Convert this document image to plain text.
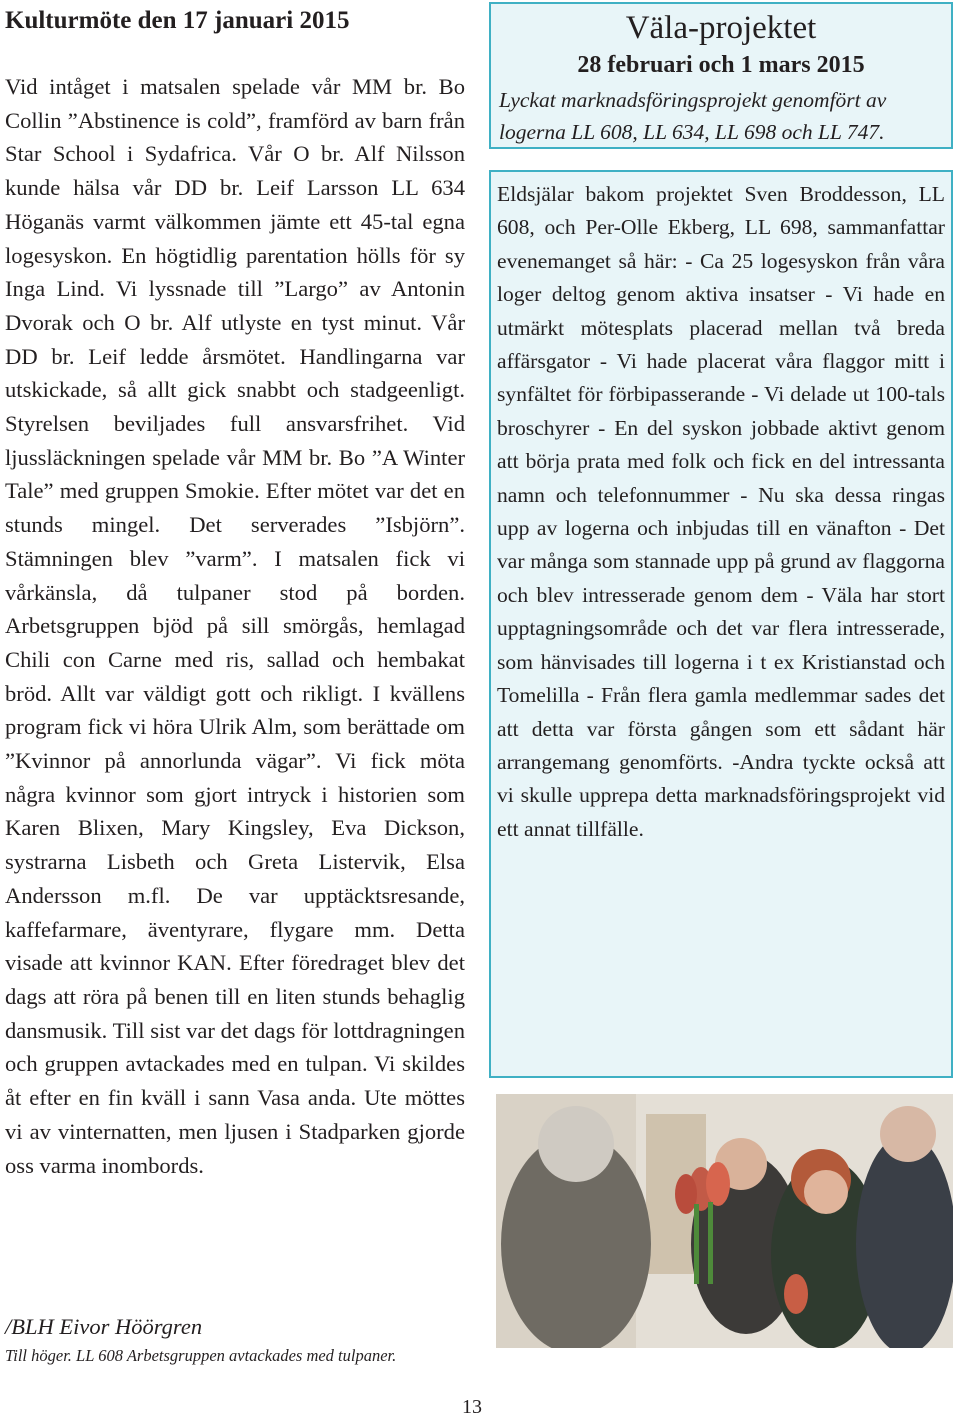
Kulturmöte den 17 januari 2015
Vid intåget i matsalen spelade vår MM br. Bo Collin ”Abstinence is cold”, framförd av barn från Star School i Sydafrica. Vår O br. Alf Nilsson kunde hälsa vår DD br. Leif Larsson LL 634 Höganäs varmt välkommen jämte ett 45-tal egna logesyskon. En högtidlig parentation hölls för sy Inga Lind. Vi lyssnade till ”Largo” av Antonin Dvorak och O br. Alf utlyste en tyst minut. Vår DD br. Leif ledde årsmötet. Handlingarna var utskickade, så allt gick snabbt och stadgeenligt. Styrelsen beviljades full ansvarsfrihet. Vid ljussläckningen spelade vår MM br. Bo ”A Winter Tale” med gruppen Smokie. Efter mötet var det en stunds mingel. Det serverades ”Isbjörn”. Stämningen blev ”varm”. I matsalen fick vi vårkänsla, då tulpaner stod på borden. Arbetsgruppen bjöd på sill smörgås, hemlagad Chili con Carne med ris, sallad och hembakat bröd. Allt var väldigt gott och rikligt. I kvällens program fick vi höra Ulrik Alm, som berättade om ”Kvinnor på annorlunda vägar”. Vi fick möta några kvinnor som gjort intryck i historien som Karen Blixen, Mary Kingsley, Eva Dickson, systrarna Lisbeth och Greta Listervik, Elsa Andersson m.fl. De var upptäcktsresande, kaffefarmare, äventyrare, flygare mm. Detta visade att kvinnor KAN. Efter föredraget blev det dags att röra på benen till en liten stunds behaglig dansmusik. Till sist var det dags för lottdragningen och gruppen avtackades med en tulpan. Vi skildes åt efter en fin kväll i sann Vasa anda. Ute möttes vi av vinternatten, men ljusen i Stadparken gjorde oss varma inombords.
/BLH Eivor Höörgren
Till höger. LL 608 Arbetsgruppen avtackades med tulpaner.
Väla-projektet
28 februari och 1 mars 2015
Lyckat marknadsföringsprojekt genomfört av logerna LL 608, LL 634, LL 698 och LL 747.
Eldsjälar bakom projektet Sven Broddesson, LL 608, och Per-Olle Ekberg, LL 698, sammanfattar evenemanget så här: - Ca 25 logesyskon från våra loger deltog genom aktiva insatser - Vi hade en utmärkt mötesplats placerad mellan två breda affärsgator - Vi hade placerat våra flaggor mitt i synfältet för förbipasserande - Vi delade ut 100-tals broschyrer - En del syskon jobbade aktivt genom att börja prata med folk och fick en del intressanta namn och telefonnummer - Nu ska dessa ringas upp av logerna och inbjudas till en vänafton - Det var många som stannade upp på grund av flaggorna och blev intresserade genom dem - Väla har stort upptagningsområde och det var flera intresserade, som hänvisades till logerna i t ex Kristianstad och Tomelilla - Från flera gamla medlemmar sades det att detta var första gången som ett sådant här arrangemang genomförts. -Andra tyckte också att vi skulle upprepa detta marknadsföringsprojekt vid ett annat tillfälle.
13
